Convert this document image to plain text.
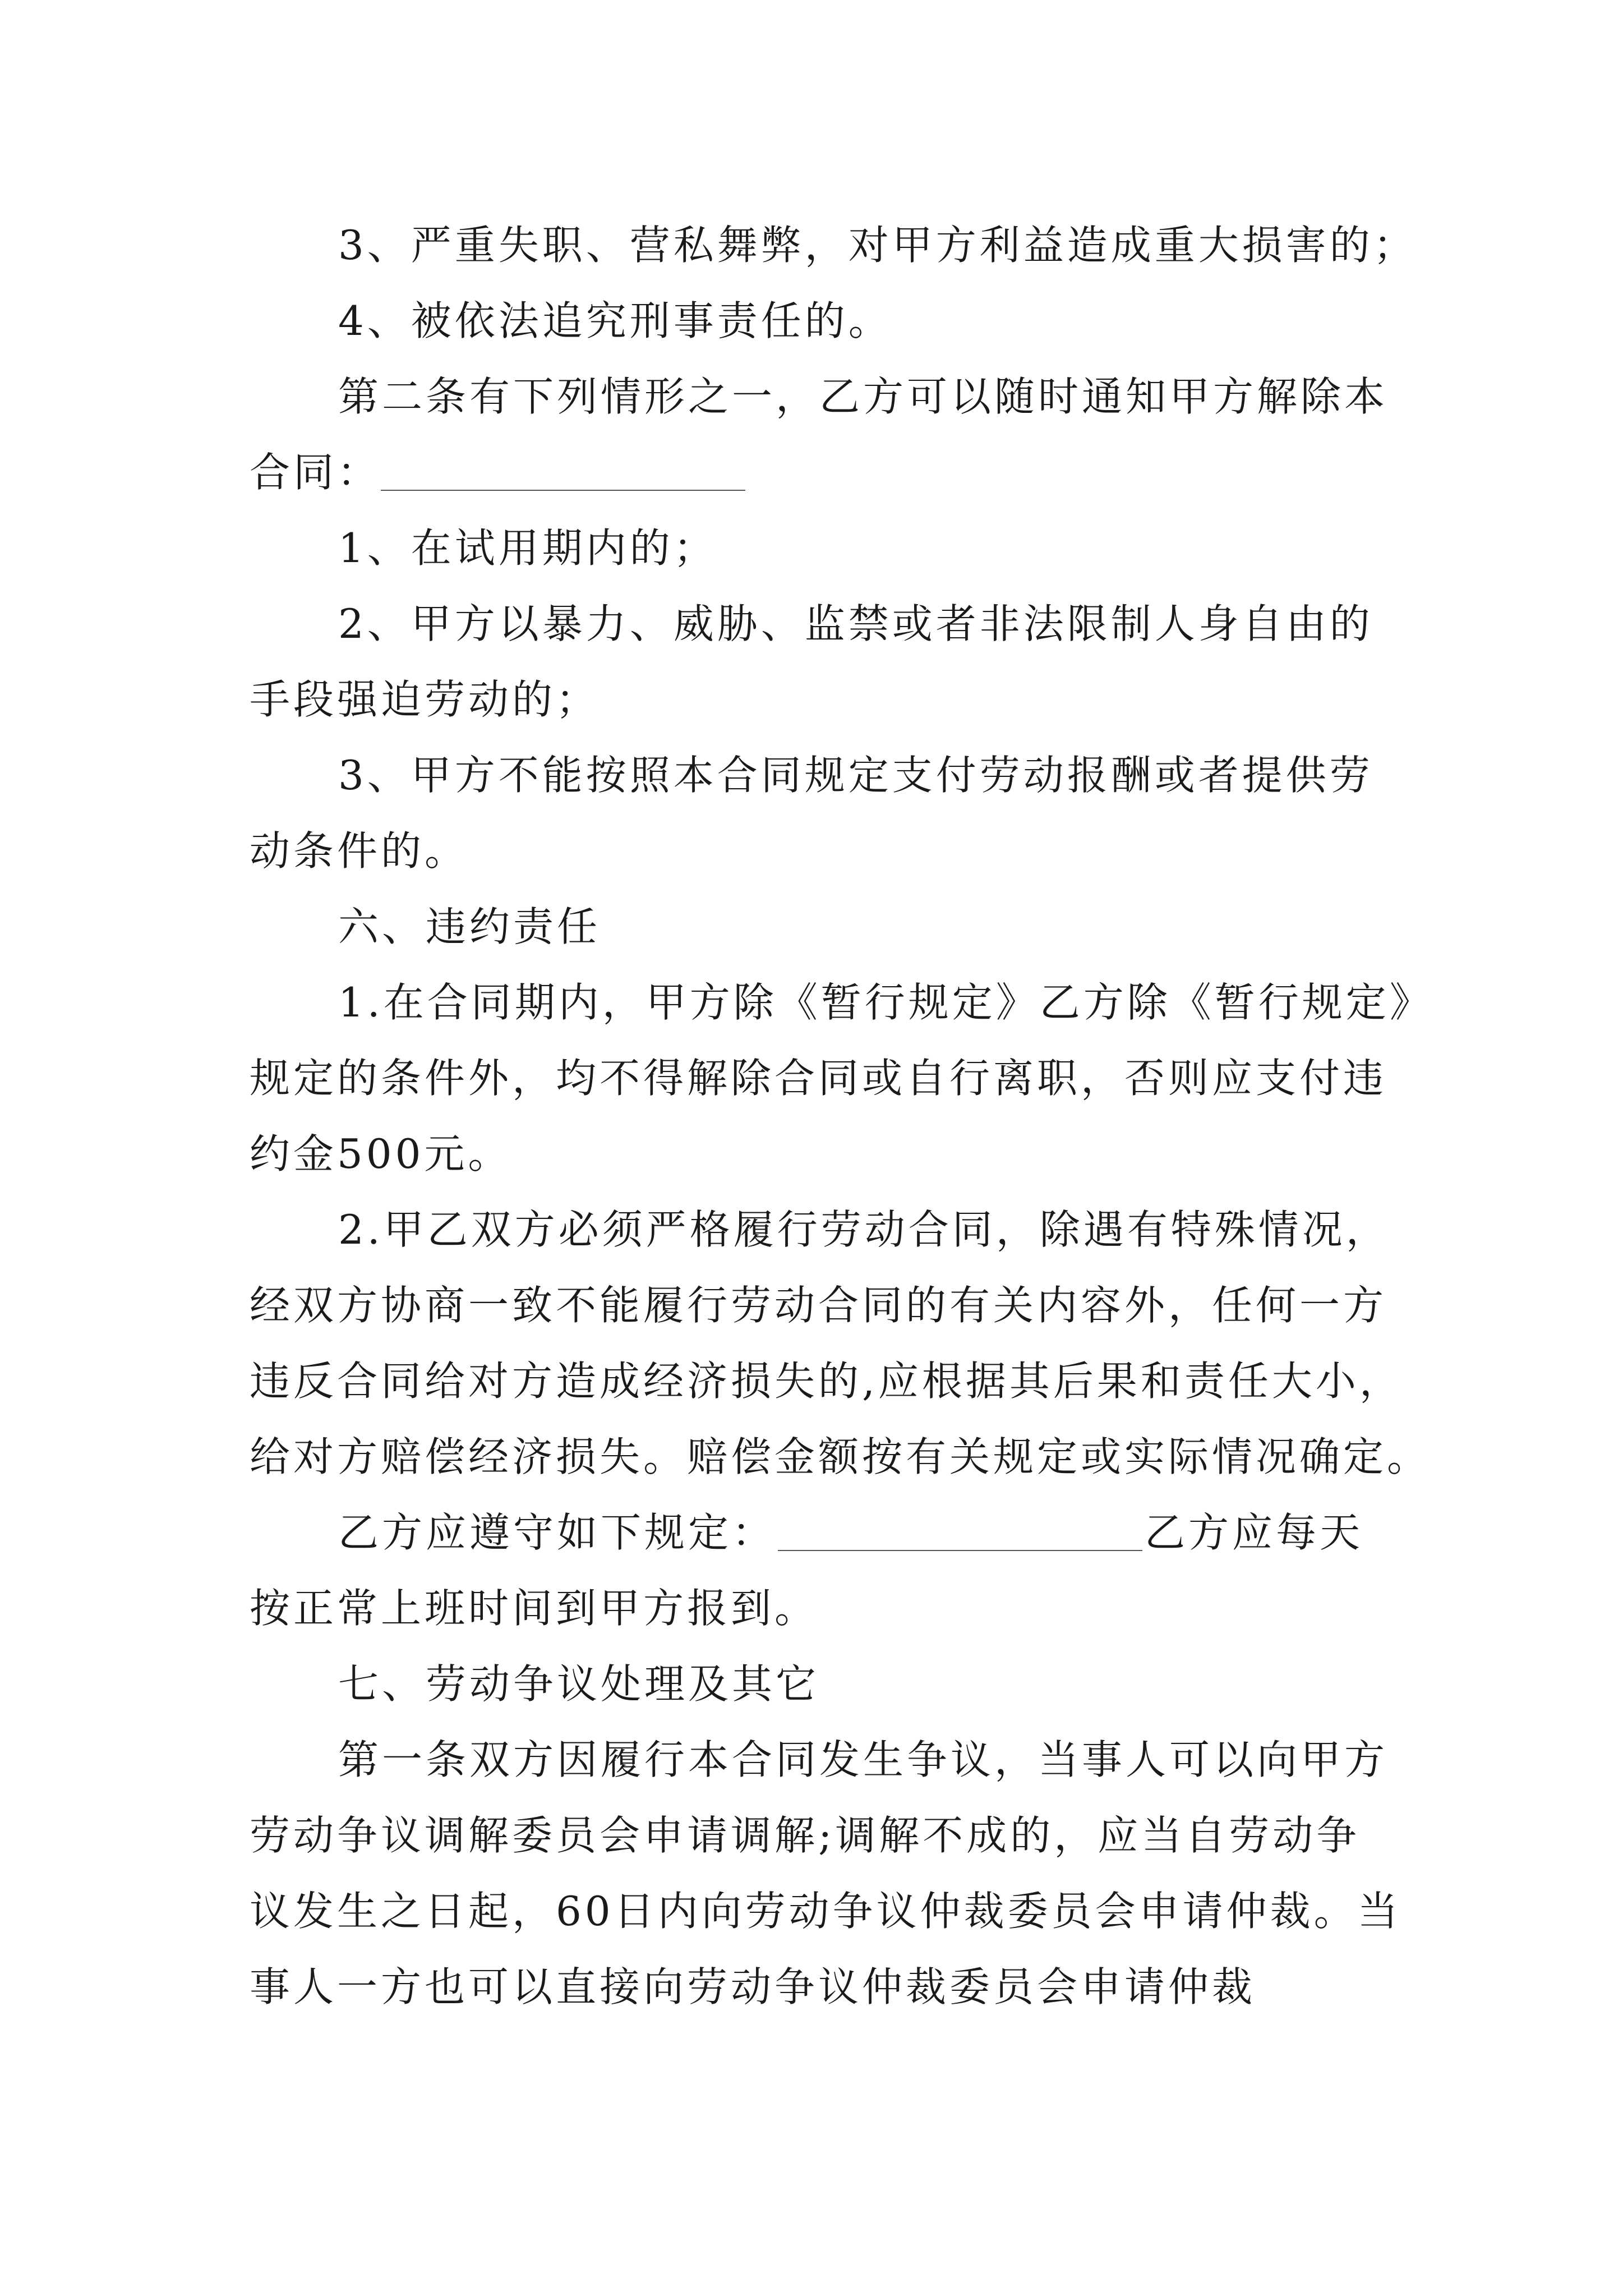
3、严重失职、营私舞弊，对甲方利益造成重大损害的；
4、被依法追究刑事责任的。
第二条有下列情形之一，乙方可以随时通知甲方解除本
合同：
1、在试用期内的；
2、甲方以暴力、威胁、监禁或者非法限制人身自由的
手段强迫劳动的；
3、甲方不能按照本合同规定支付劳动报酬或者提供劳
动条件的。
六、违约责任
1.在合同期内，甲方除《暂行规定》乙方除《暂行规定》
规定的条件外，均不得解除合同或自行离职，否则应支付违
约金500元。
2.甲乙双方必须严格履行劳动合同，除遇有特殊情况，
经双方协商一致不能履行劳动合同的有关内容外，任何一方
违反合同给对方造成经济损失的,应根据其后果和责任大小，
给对方赔偿经济损失。赔偿金额按有关规定或实际情况确定。
乙方应遵守如下规定：	乙方应每天
按正常上班时间到甲方报到。
七、劳动争议处理及其它
第一条双方因履行本合同发生争议，当事人可以向甲方
劳动争议调解委员会申请调解;调解不成的，应当自劳动争
议发生之日起，60日内向劳动争议仲裁委员会申请仲裁。当
事人一方也可以直接向劳动争议仲裁委员会申请仲裁
